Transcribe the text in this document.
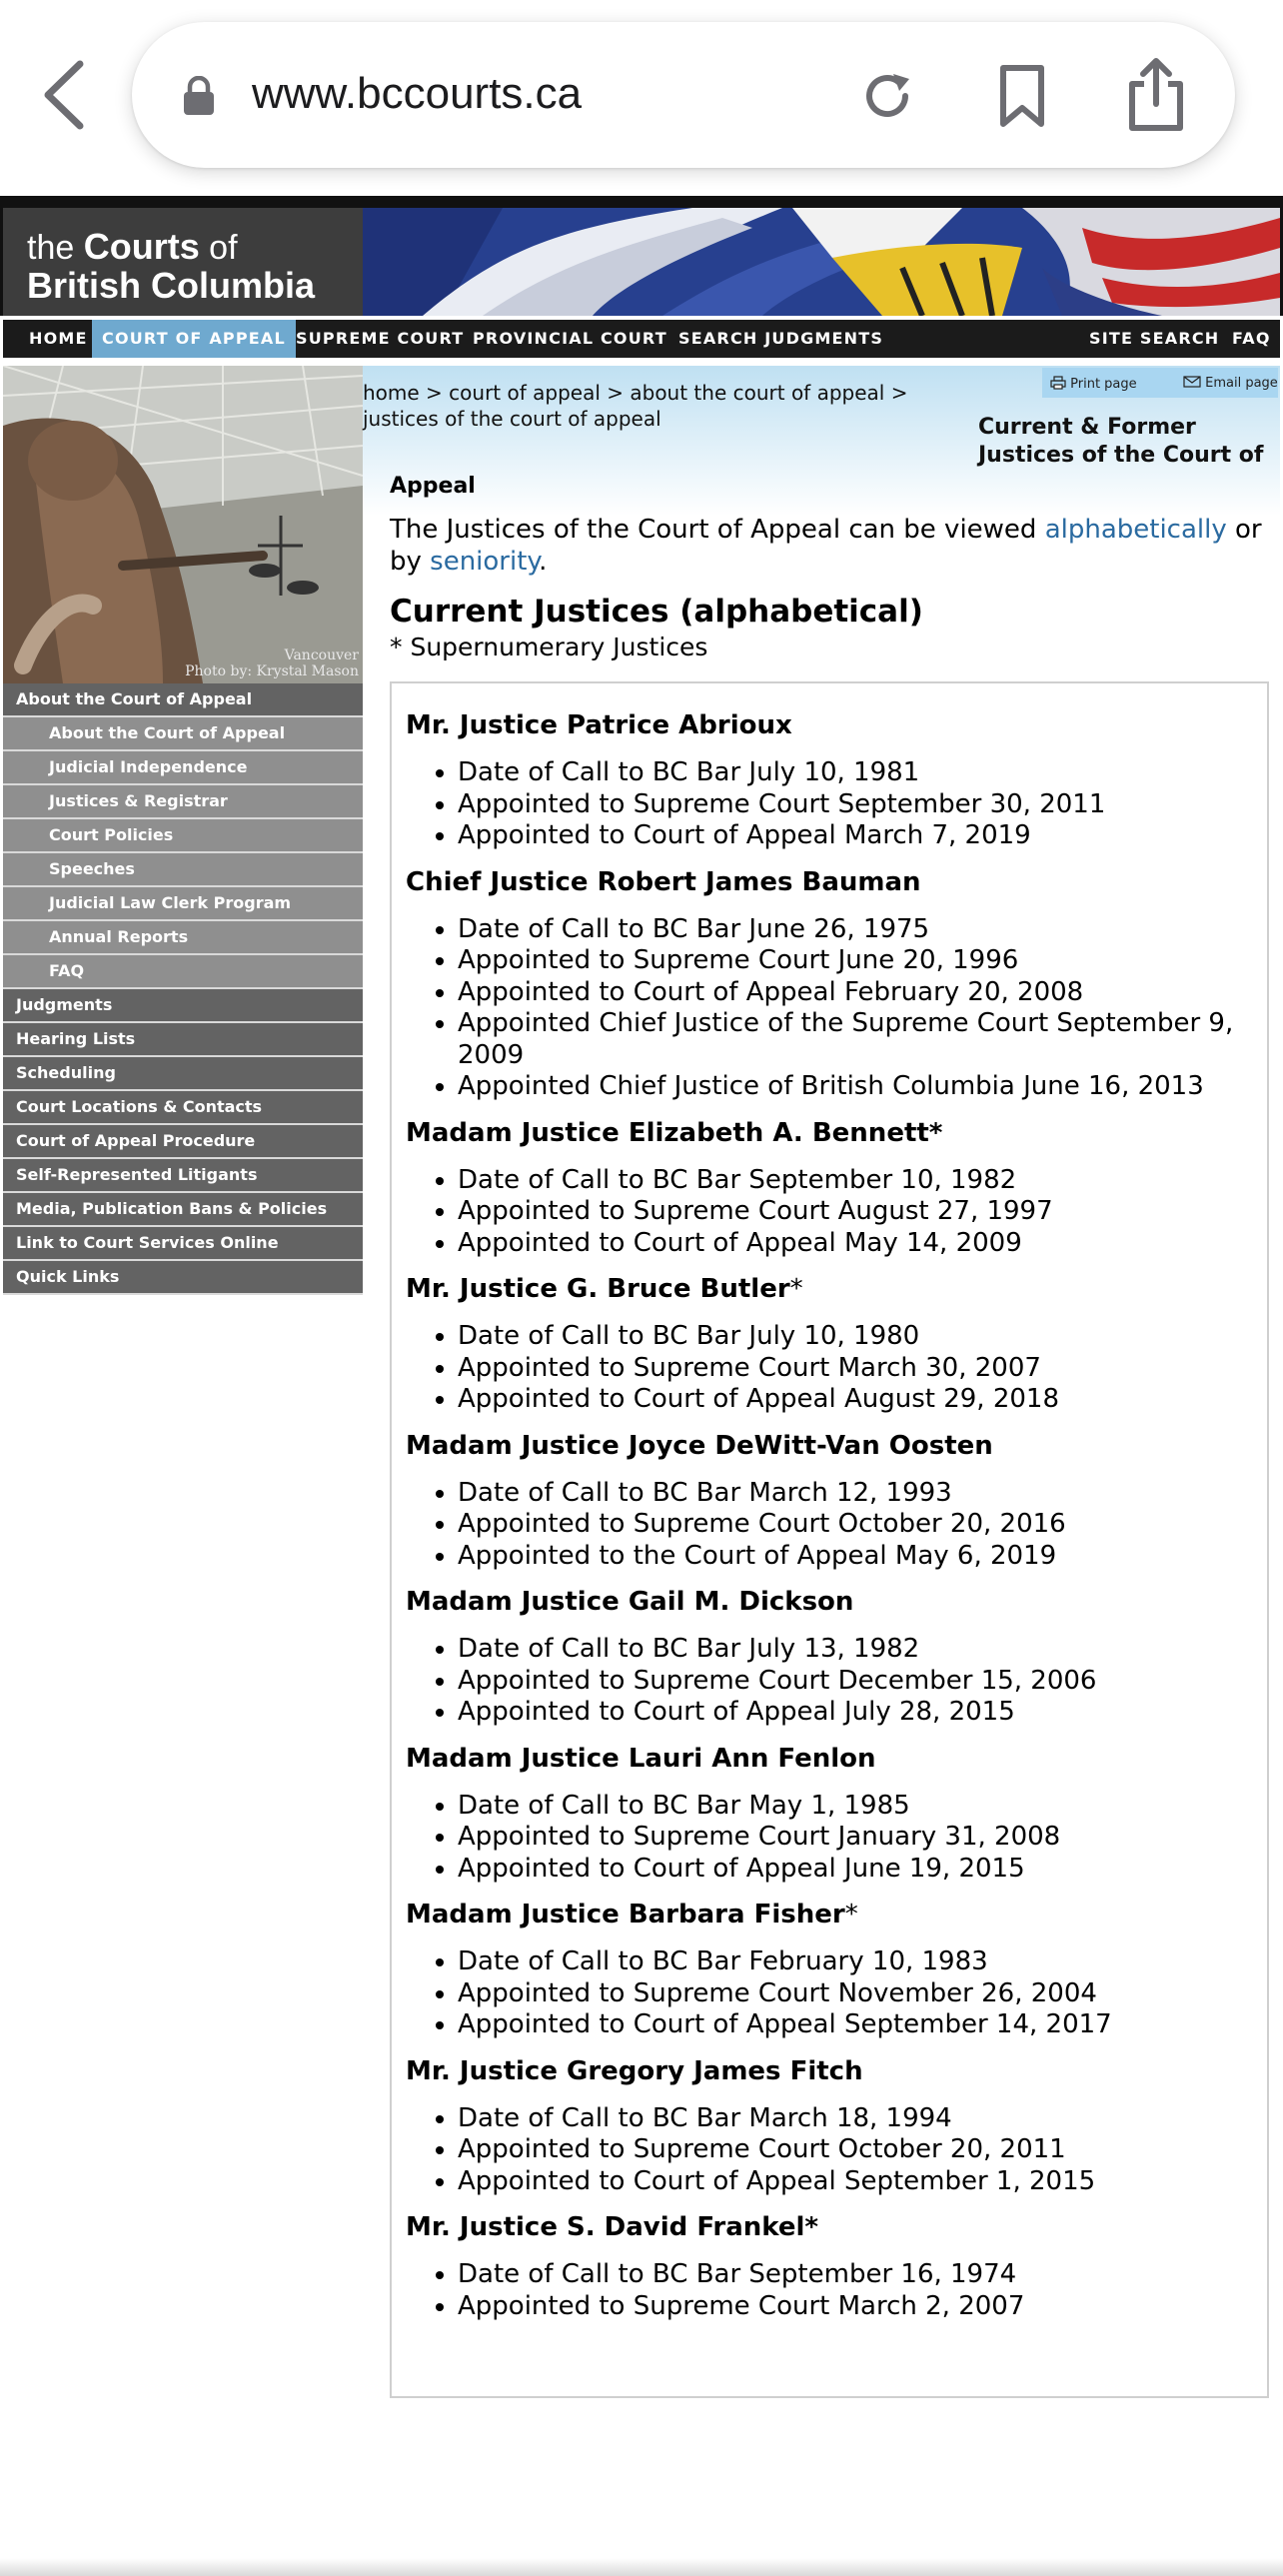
www.bccourts.ca
the Courts of
British Columbia
HOME COURT OF APPEAL SUPREME COURT PROVINCIAL COURT SEARCH JUDGMENTS	SITE SEARCH FAQ
Vancouver
Photo by: Krystal Mason
About the Court of Appeal
About the Court of Appeal
Judicial Independence
Justices & Registrar
Court Policies
Speeches
Judicial Law Clerk Program
Annual Reports
FAQ
Judgments
Hearing Lists
Scheduling
Court Locations & Contacts
Court of Appeal Procedure
Self-Represented Litigants
Media, Publication Bans & Policies
Link to Court Services Online
Quick Links
Print page	Email page
home > court of appeal > about the court of appeal >
justices of the court of appeal	Current & Former
Justices of the Court of

Appeal

The Justices of the Court of Appeal can be viewed alphabetically or by seniority.

Current Justices (alphabetical)

* Supernumerary Justices

Mr. Justice Patrice Abrioux
• Date of Call to BC Bar July 10, 1981
• Appointed to Supreme Court September 30, 2011
• Appointed to Court of Appeal March 7, 2019
Chief Justice Robert James Bauman
• Date of Call to BC Bar June 26, 1975
• Appointed to Supreme Court June 20, 1996
• Appointed to Court of Appeal February 20, 2008
• Appointed Chief Justice of the Supreme Court September 9, 2009
• Appointed Chief Justice of British Columbia June 16, 2013
Madam Justice Elizabeth A. Bennett*
• Date of Call to BC Bar September 10, 1982
• Appointed to Supreme Court August 27, 1997
• Appointed to Court of Appeal May 14, 2009
Mr. Justice G. Bruce Butler*
• Date of Call to BC Bar July 10, 1980
• Appointed to Supreme Court March 30, 2007
• Appointed to Court of Appeal August 29, 2018
Madam Justice Joyce DeWitt-Van Oosten
• Date of Call to BC Bar March 12, 1993
• Appointed to Supreme Court October 20, 2016
• Appointed to the Court of Appeal May 6, 2019
Madam Justice Gail M. Dickson
• Date of Call to BC Bar July 13, 1982
• Appointed to Supreme Court December 15, 2006
• Appointed to Court of Appeal July 28, 2015
Madam Justice Lauri Ann Fenlon
• Date of Call to BC Bar May 1, 1985
• Appointed to Supreme Court January 31, 2008
• Appointed to Court of Appeal June 19, 2015
Madam Justice Barbara Fisher*
• Date of Call to BC Bar February 10, 1983
• Appointed to Supreme Court November 26, 2004
• Appointed to Court of Appeal September 14, 2017
Mr. Justice Gregory James Fitch
• Date of Call to BC Bar March 18, 1994
• Appointed to Supreme Court October 20, 2011
• Appointed to Court of Appeal September 1, 2015
Mr. Justice S. David Frankel*
• Date of Call to BC Bar September 16, 1974
• Appointed to Supreme Court March 2, 2007
